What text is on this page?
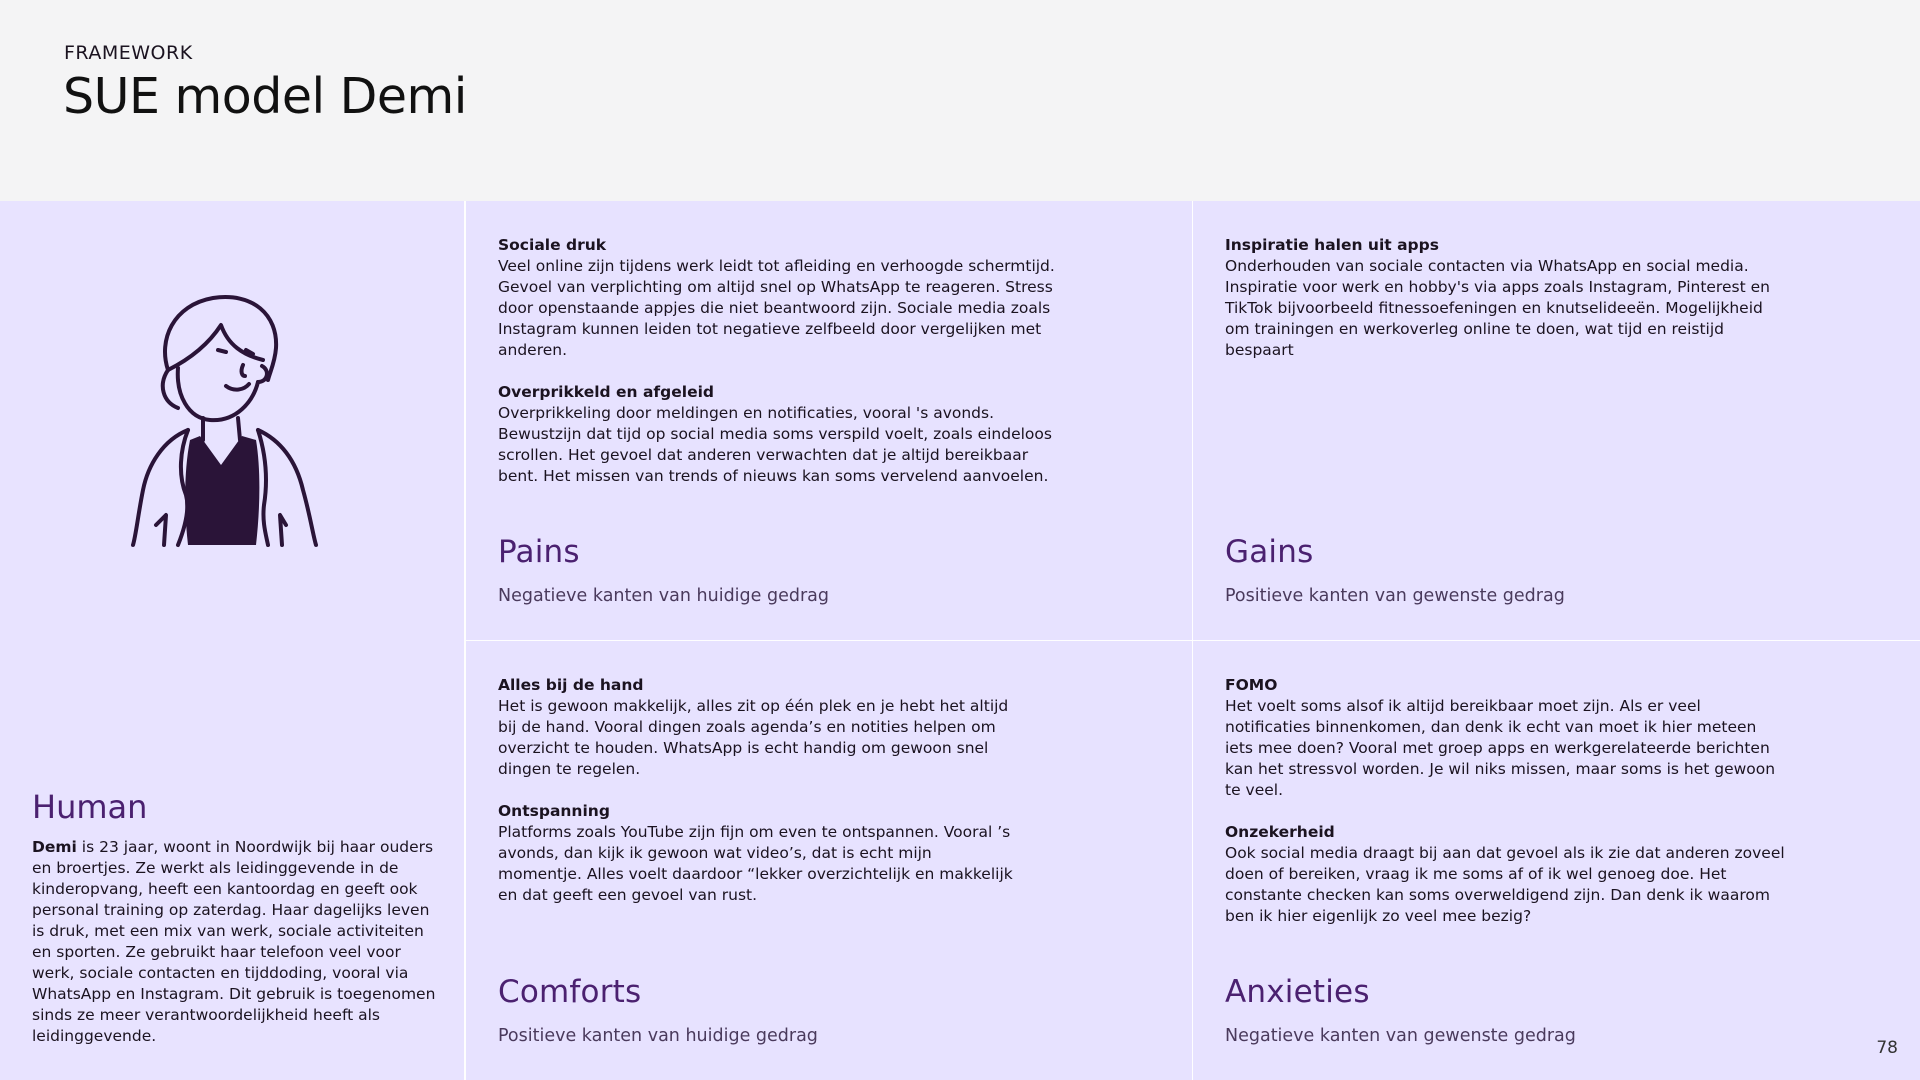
FRAMEWORK
SUE model Demi
Human
Demi is 23 jaar, woont in Noordwijk bij haar ouders en broertjes. Ze werkt als leidinggevende in de kinderopvang, heeft een kantoordag en geeft ook personal training op zaterdag. Haar dagelijks leven is druk, met een mix van werk, sociale activiteiten en sporten. Ze gebruikt haar telefoon veel voor werk, sociale contacten en tijddoding, vooral via WhatsApp en Instagram. Dit gebruik is toegenomen sinds ze meer verantwoordelijkheid heeft als leidinggevende.
Sociale druk
Veel online zijn tijdens werk leidt tot afleiding en verhoogde schermtijd. Gevoel van verplichting om altijd snel op WhatsApp te reageren. Stress door openstaande appjes die niet beantwoord zijn. Sociale media zoals Instagram kunnen leiden tot negatieve zelfbeeld door vergelijken met anderen.
Overprikkeld en afgeleid
Overprikkeling door meldingen en notificaties, vooral 's avonds. Bewustzijn dat tijd op social media soms verspild voelt, zoals eindeloos scrollen. Het gevoel dat anderen verwachten dat je altijd bereikbaar bent. Het missen van trends of nieuws kan soms vervelend aanvoelen.
Pains
Negatieve kanten van huidige gedrag
Inspiratie halen uit apps
Onderhouden van sociale contacten via WhatsApp en social media. Inspiratie voor werk en hobby's via apps zoals Instagram, Pinterest en TikTok bijvoorbeeld fitnessoefeningen en knutselideeën. Mogelijkheid om trainingen en werkoverleg online te doen, wat tijd en reistijd bespaart
Gains
Positieve kanten van gewenste gedrag
Alles bij de hand
Het is gewoon makkelijk, alles zit op één plek en je hebt het altijd bij de hand. Vooral dingen zoals agenda’s en notities helpen om overzicht te houden. WhatsApp is echt handig om gewoon snel dingen te regelen.
Ontspanning
Platforms zoals YouTube zijn fijn om even te ontspannen. Vooral ’s avonds, dan kijk ik gewoon wat video’s, dat is echt mijn momentje. Alles voelt daardoor “lekker overzichtelijk en makkelijk en dat geeft een gevoel van rust.
Comforts
Positieve kanten van huidige gedrag
FOMO
Het voelt soms alsof ik altijd bereikbaar moet zijn. Als er veel notificaties binnenkomen, dan denk ik echt van moet ik hier meteen iets mee doen? Vooral met groep apps en werkgerelateerde berichten kan het stressvol worden. Je wil niks missen, maar soms is het gewoon te veel.
Onzekerheid
Ook social media draagt bij aan dat gevoel als ik zie dat anderen zoveel doen of bereiken, vraag ik me soms af of ik wel genoeg doe. Het constante checken kan soms overweldigend zijn. Dan denk ik waarom ben ik hier eigenlijk zo veel mee bezig?
Anxieties
Negatieve kanten van gewenste gedrag
78
